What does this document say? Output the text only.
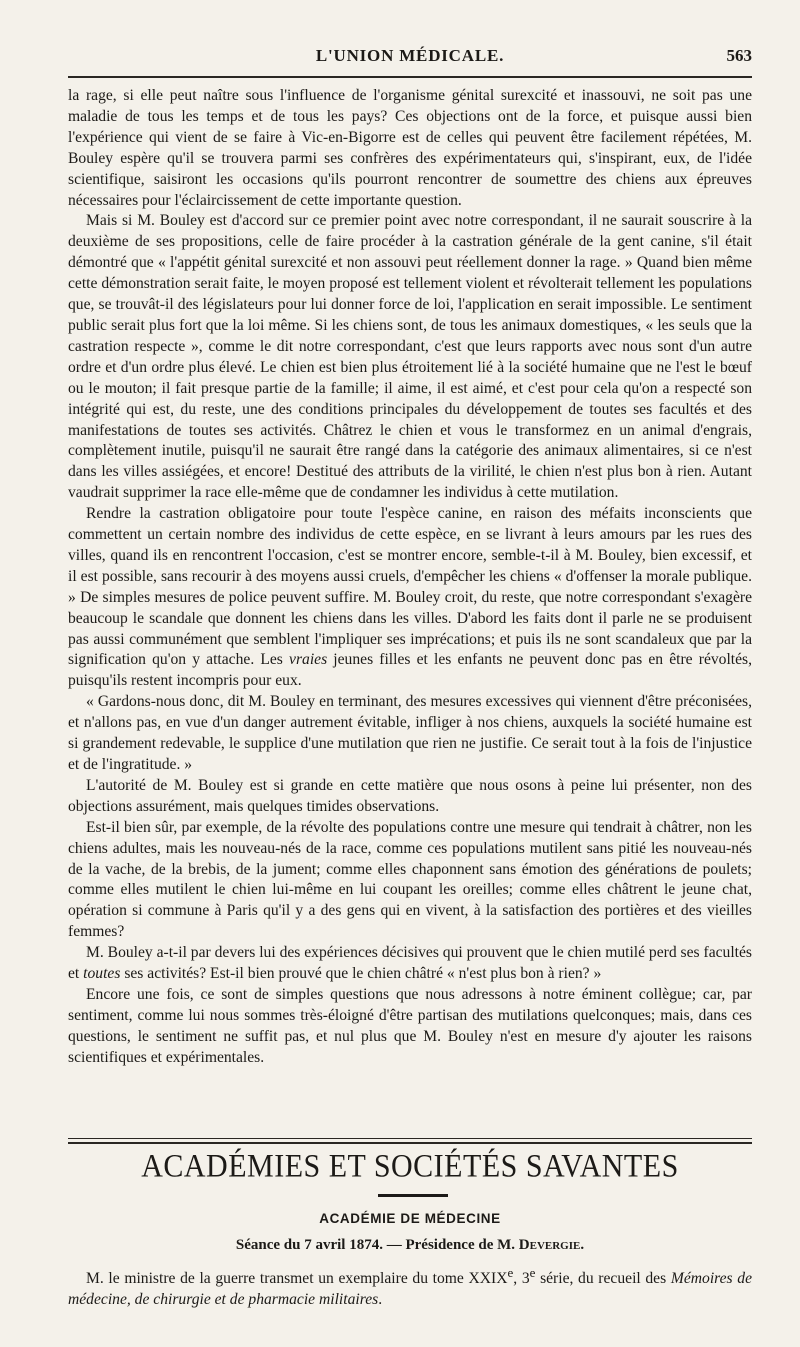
L'UNION MÉDICALE.	563

la rage, si elle peut naître sous l'influence de l'organisme génital surexcité et inassouvi, ne soit pas une maladie de tous les temps et de tous les pays? Ces objections ont de la force, et puisque aussi bien l'expérience qui vient de se faire à Vic-en-Bigorre est de celles qui peuvent être facilement répétées, M. Bouley espère qu'il se trouvera parmi ses confrères des expérimentateurs qui, s'inspirant, eux, de l'idée scientifique, saisiront les occasions qu'ils pourront rencontrer de soumettre des chiens aux épreuves nécessaires pour l'éclaircissement de cette importante question.

Mais si M. Bouley est d'accord sur ce premier point avec notre correspondant, il ne saurait souscrire à la deuxième de ses propositions, celle de faire procéder à la castration générale de la gent canine, s'il était démontré que « l'appétit génital surexcité et non assouvi peut réellement donner la rage. » Quand bien même cette démonstration serait faite, le moyen proposé est tellement violent et révolterait tellement les populations que, se trouvât-il des législateurs pour lui donner force de loi, l'application en serait impossible. Le sentiment public serait plus fort que la loi même. Si les chiens sont, de tous les animaux domestiques, « les seuls que la castration respecte », comme le dit notre correspondant, c'est que leurs rapports avec nous sont d'un autre ordre et d'un ordre plus élevé. Le chien est bien plus étroitement lié à la société humaine que ne l'est le bœuf ou le mouton; il fait presque partie de la famille; il aime, il est aimé, et c'est pour cela qu'on a respecté son intégrité qui est, du reste, une des conditions principales du développement de toutes ses facultés et des manifestations de toutes ses activités. Châtrez le chien et vous le transformez en un animal d'engrais, complètement inutile, puisqu'il ne saurait être rangé dans la catégorie des animaux alimentaires, si ce n'est dans les villes assiégées, et encore! Destitué des attributs de la virilité, le chien n'est plus bon à rien. Autant vaudrait supprimer la race elle-même que de condamner les individus à cette mutilation.

Rendre la castration obligatoire pour toute l'espèce canine, en raison des méfaits inconscients que commettent un certain nombre des individus de cette espèce, en se livrant à leurs amours par les rues des villes, quand ils en rencontrent l'occasion, c'est se montrer encore, semble-t-il à M. Bouley, bien excessif, et il est possible, sans recourir à des moyens aussi cruels, d'empêcher les chiens « d'offenser la morale publique. » De simples mesures de police peuvent suffire. M. Bouley croit, du reste, que notre correspondant s'exagère beaucoup le scandale que donnent les chiens dans les villes. D'abord les faits dont il parle ne se produisent pas aussi communément que semblent l'impliquer ses imprécations; et puis ils ne sont scandaleux que par la signification qu'on y attache. Les vraies jeunes filles et les enfants ne peuvent donc pas en être révoltés, puisqu'ils restent incompris pour eux.

« Gardons-nous donc, dit M. Bouley en terminant, des mesures excessives qui viennent d'être préconisées, et n'allons pas, en vue d'un danger autrement évitable, infliger à nos chiens, auxquels la société humaine est si grandement redevable, le supplice d'une mutilation que rien ne justifie. Ce serait tout à la fois de l'injustice et de l'ingratitude. »

L'autorité de M. Bouley est si grande en cette matière que nous osons à peine lui présenter, non des objections assurément, mais quelques timides observations.

Est-il bien sûr, par exemple, de la révolte des populations contre une mesure qui tendrait à châtrer, non les chiens adultes, mais les nouveau-nés de la race, comme ces populations mutilent sans pitié les nouveau-nés de la vache, de la brebis, de la jument; comme elles chaponnent sans émotion des générations de poulets; comme elles mutilent le chien lui-même en lui coupant les oreilles; comme elles châtrent le jeune chat, opération si commune à Paris qu'il y a des gens qui en vivent, à la satisfaction des portières et des vieilles femmes?

M. Bouley a-t-il par devers lui des expériences décisives qui prouvent que le chien mutilé perd ses facultés et toutes ses activités? Est-il bien prouvé que le chien châtré « n'est plus bon à rien? »

Encore une fois, ce sont de simples questions que nous adressons à notre éminent collègue; car, par sentiment, comme lui nous sommes très-éloigné d'être partisan des mutilations quelconques; mais, dans ces questions, le sentiment ne suffit pas, et nul plus que M. Bouley n'est en mesure d'y ajouter les raisons scientifiques et expérimentales.

ACADÉMIES ET SOCIÉTÉS SAVANTES
ACADÉMIE DE MÉDECINE
Séance du 7 avril 1874. — Présidence de M. Devergie.

M. le ministre de la guerre transmet un exemplaire du tome XXIXe, 3e série, du recueil des Mémoires de médecine, de chirurgie et de pharmacie militaires.
